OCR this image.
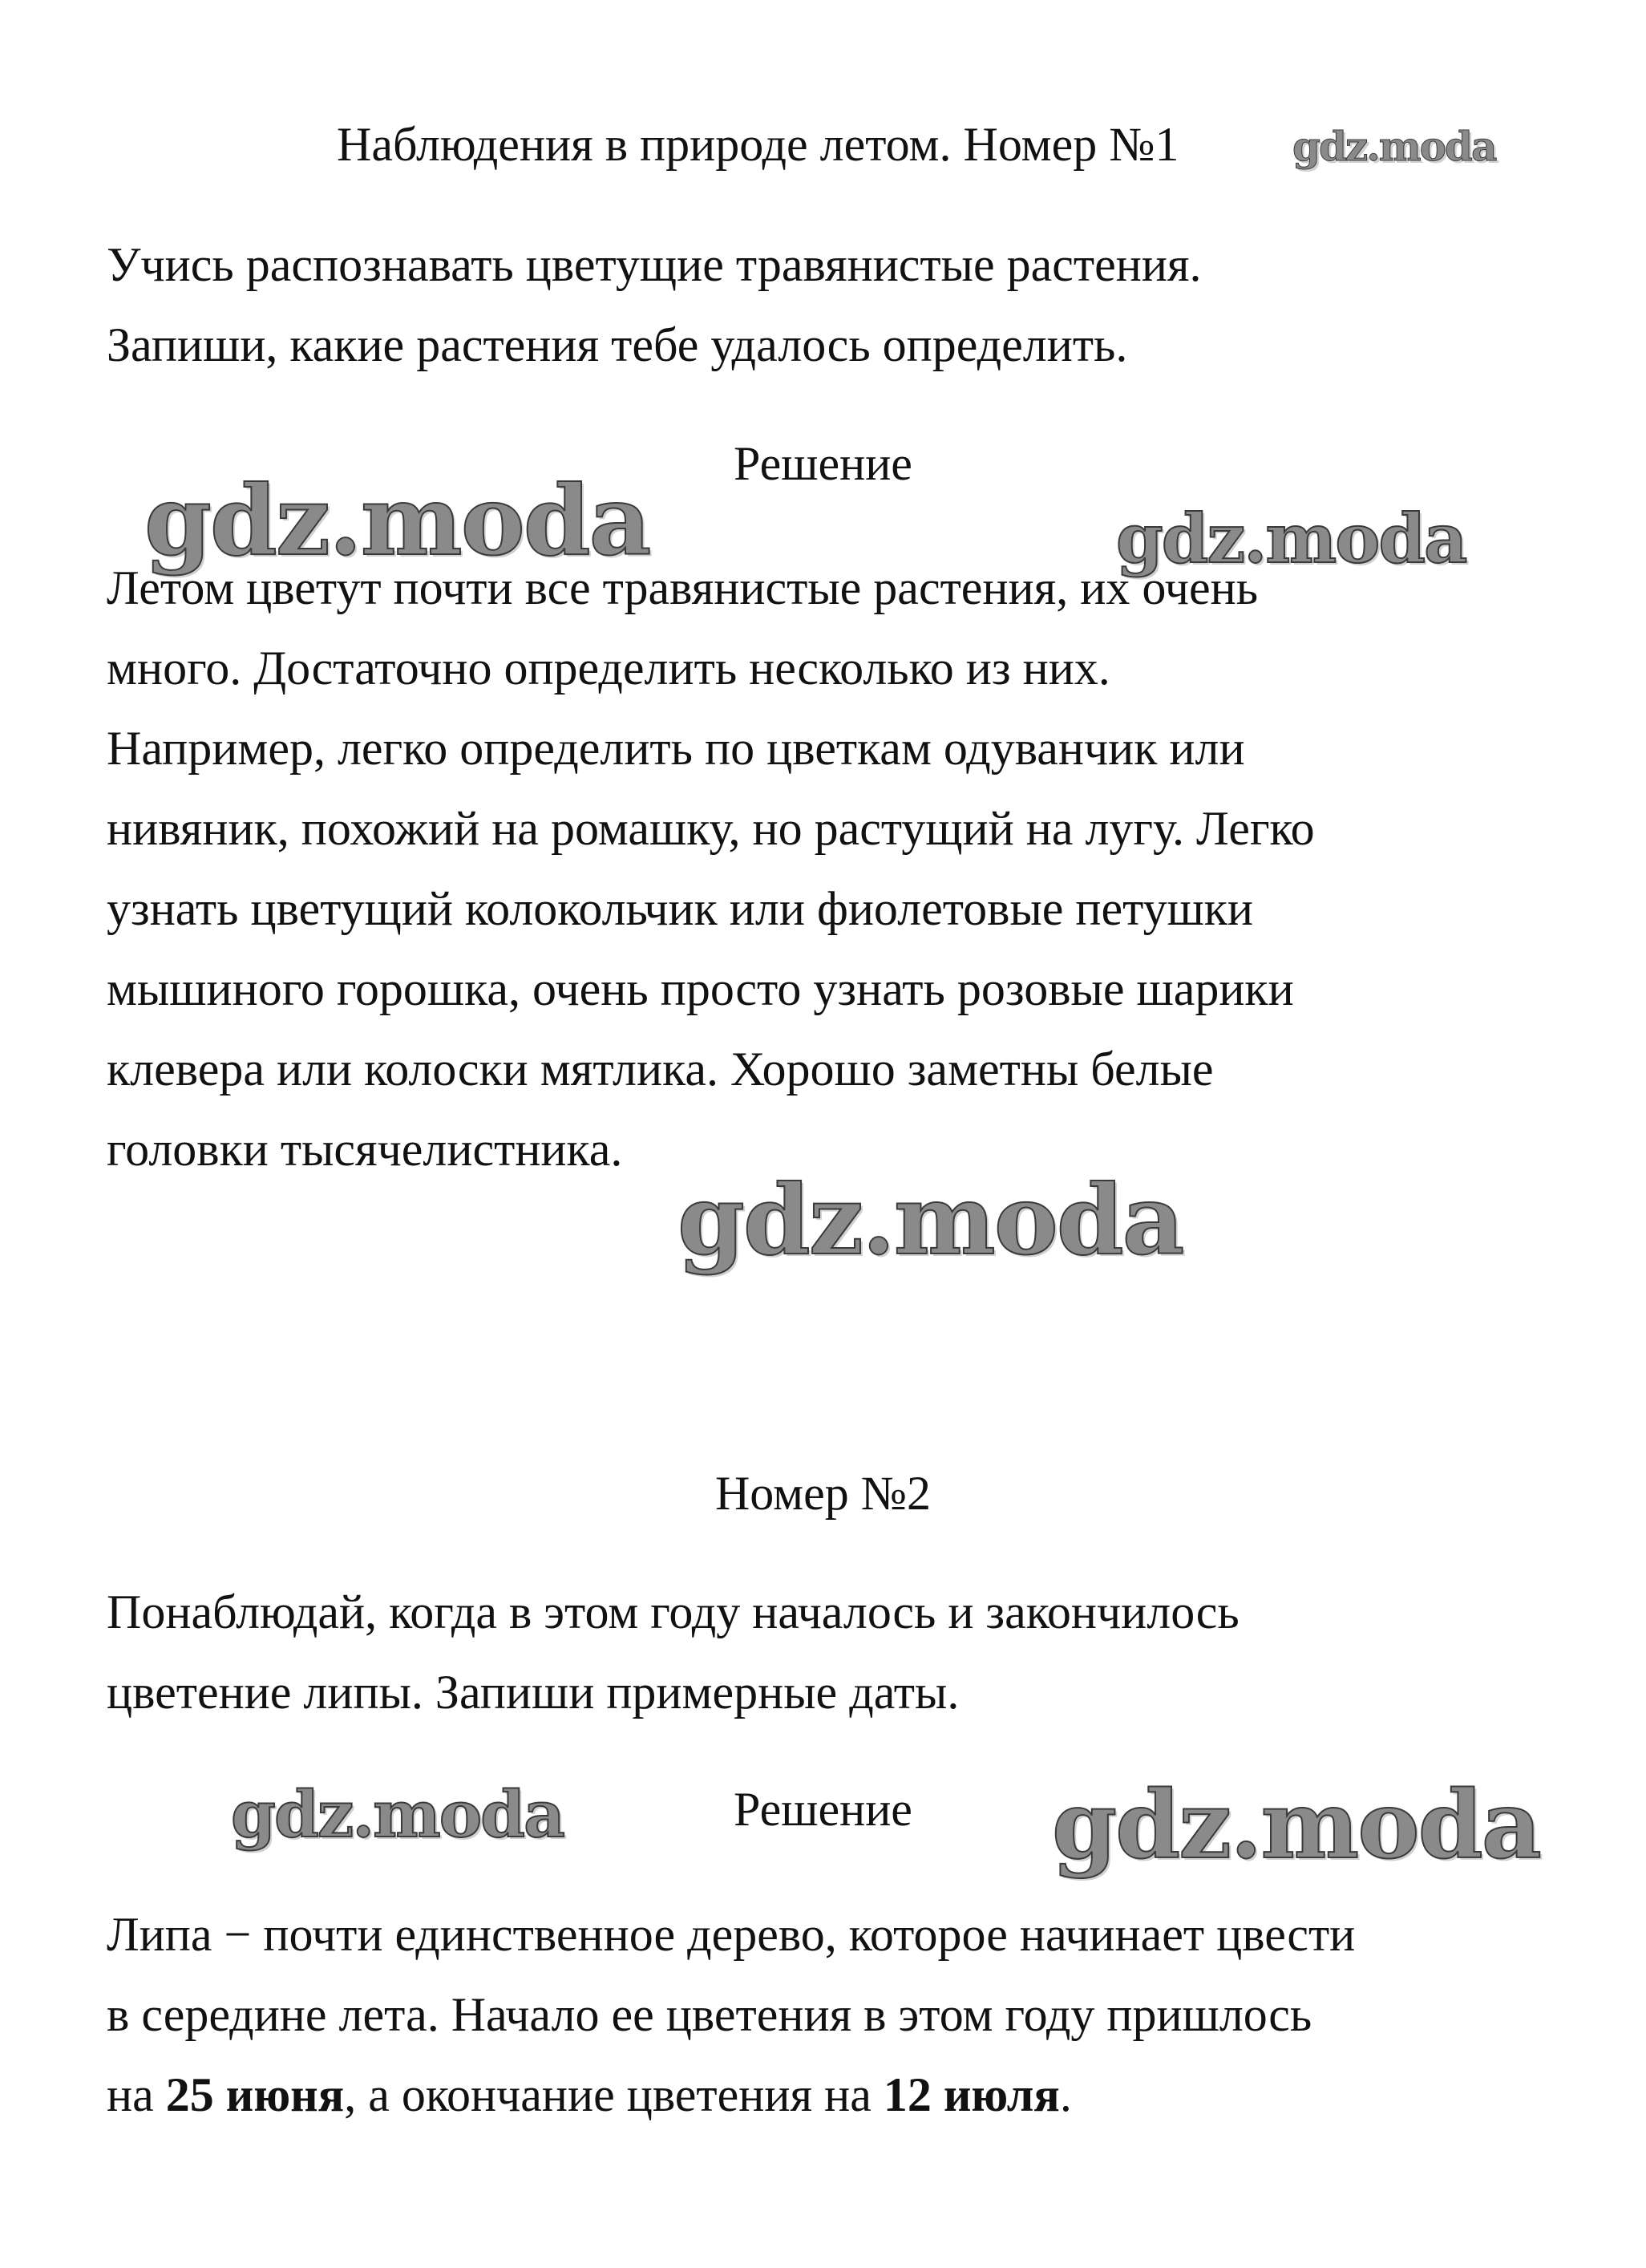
Наблюдения в природе летом. Номер №1	gdz.moda
Учись распознавать цветущие травянистые растения.
Запиши, какие растения тебе удалось определить.
Решение
gdz.moda	gdz.moda
Летом цветут почти все травянистые растения, их очень
много. Достаточно определить несколько из них.
Например, легко определить по цветкам одуванчик или
нивяник, похожий на ромашку, но растущий на лугу. Легко
узнать цветущий колокольчик или фиолетовые петушки
мышиного горошка, очень просто узнать розовые шарики
клевера или колоски мятлика. Хорошо заметны белые
головки тысячелистника.
gdz.moda
Номер №2
Понаблюдай, когда в этом году началось и закончилось
цветение липы. Запиши примерные даты.
gdz.moda	Решение	gdz.moda
Липа − почти единственное дерево, которое начинает цвести
в середине лета. Начало ее цветения в этом году пришлось
на 25 июня, а окончание цветения на 12 июля.
